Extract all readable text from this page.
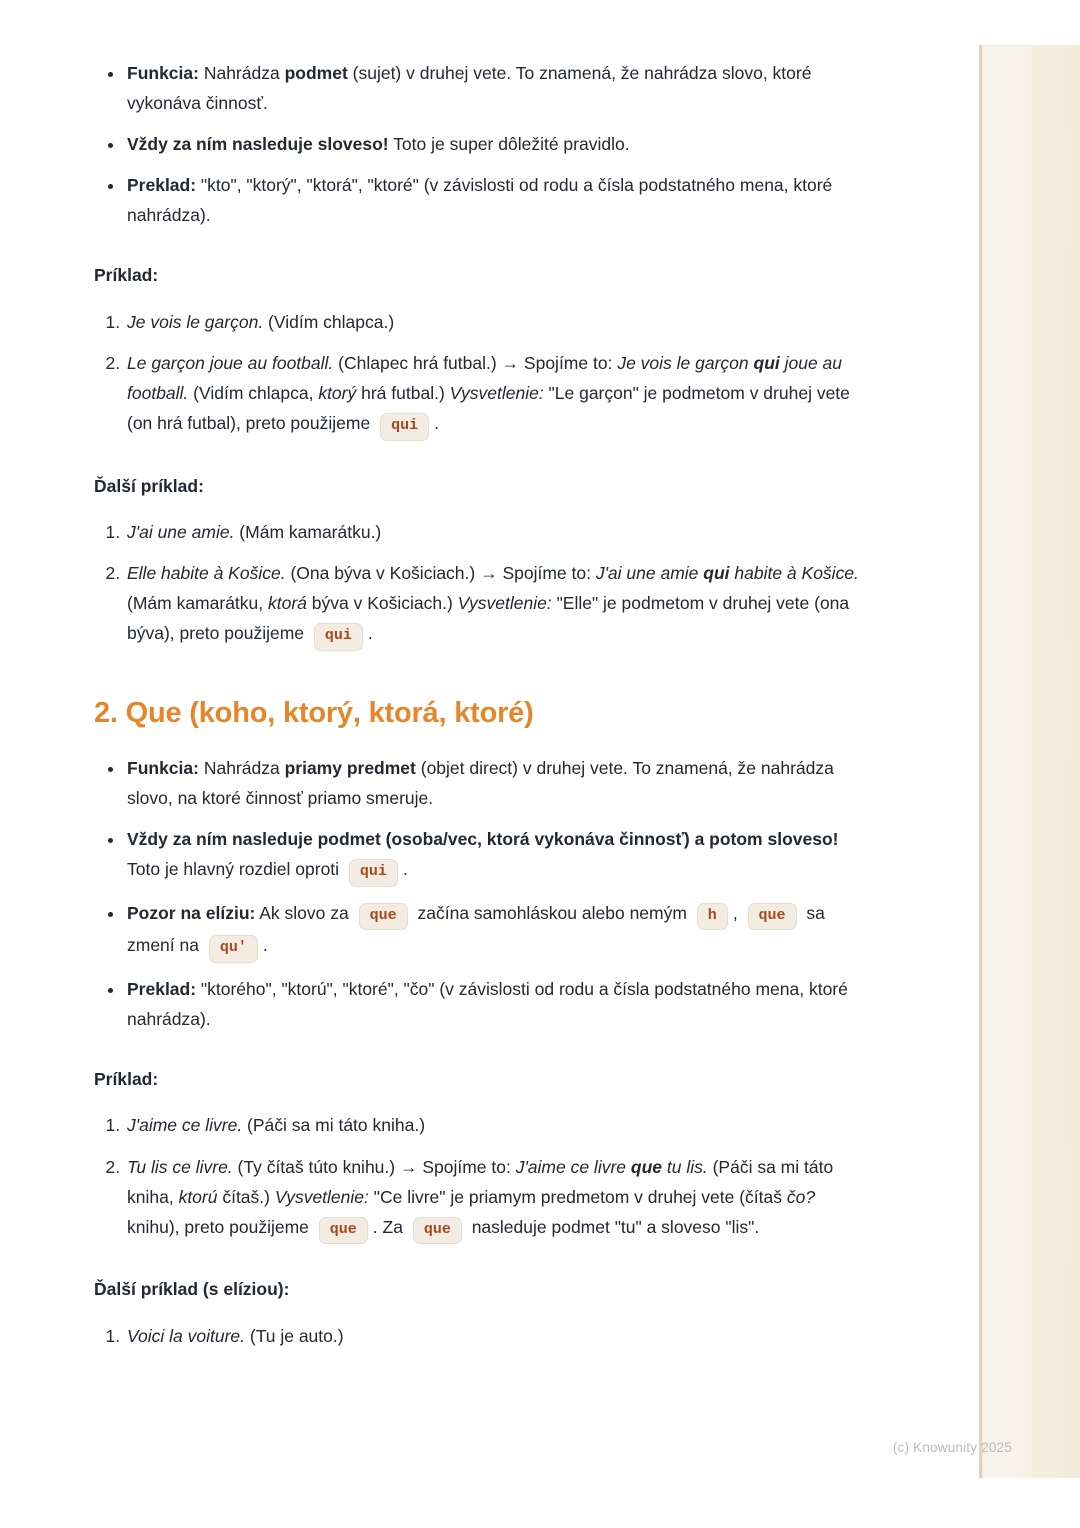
• Funkcia: Nahrádza podmet (sujet) v druhej vete. To znamená, že nahrádza slovo, ktoré vykonáva činnosť.
• Vždy za ním nasleduje sloveso! Toto je super dôležité pravidlo.
• Preklad: "kto", "ktorý", "ktorá", "ktoré" (v závislosti od rodu a čísla podstatného mena, ktoré nahrádza).

Príklad:

1. Je vois le garçon. (Vidím chlapca.)
2. Le garçon joue au football. (Chlapec hrá futbal.) → Spojíme to: Je vois le garçon qui joue au football. (Vidím chlapca, ktorý hrá futbal.) Vysvetlenie: "Le garçon" je podmetom v druhej vete (on hrá futbal), preto použijeme qui .

Ďalší príklad:

1. J'ai une amie. (Mám kamarátku.)
2. Elle habite à Košice. (Ona býva v Košiciach.) → Spojíme to: J'ai une amie qui habite à Košice. (Mám kamarátku, ktorá býva v Košiciach.) Vysvetlenie: "Elle" je podmetom v druhej vete (ona býva), preto použijeme qui .
2. Que (koho, ktorý, ktorá, ktoré)
• Funkcia: Nahrádza priamy predmet (objet direct) v druhej vete. To znamená, že nahrádza slovo, na ktoré činnosť priamo smeruje.
• Vždy za ním nasleduje podmet (osoba/vec, ktorá vykonáva činnosť) a potom sloveso! Toto je hlavný rozdiel oproti qui .
• Pozor na elíziu: Ak slovo za que začína samohláskou alebo nemým h , que sa zmení na qu' .
• Preklad: "ktorého", "ktorú", "ktoré", "čo" (v závislosti od rodu a čísla podstatného mena, ktoré nahrádza).

Príklad:

1. J'aime ce livre. (Páči sa mi táto kniha.)
2. Tu lis ce livre. (Ty čítaš túto knihu.) → Spojíme to: J'aime ce livre que tu lis. (Páči sa mi táto kniha, ktorú čítaš.) Vysvetlenie: "Ce livre" je priamym predmetom v druhej vete (čítaš čo? knihu), preto použijeme que . Za que nasleduje podmet "tu" a sloveso "lis".

Ďalší príklad (s elíziou):

1. Voici la voiture. (Tu je auto.)
(c) Knowunity 2025
